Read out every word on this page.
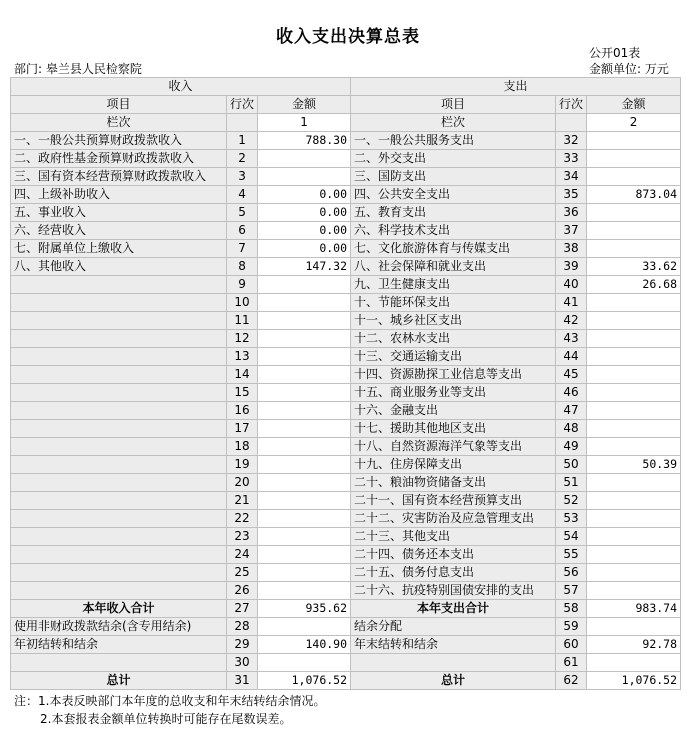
收入支出决算总表
公开01表
部门: 皋兰县人民检察院	金额单位: 万元
收入			支出		
项目	行次	金额	项目	行次	金额
栏次		1	栏次		2
一、一般公共预算财政拨款收入	1	788.30	一、一般公共服务支出	32	
二、政府性基金预算财政拨款收入	2		二、外交支出	33	
三、国有资本经营预算财政拨款收入	3		三、国防支出	34	
四、上级补助收入	4	0.00	四、公共安全支出	35	873.04
五、事业收入	5	0.00	五、教育支出	36	
六、经营收入	6	0.00	六、科学技术支出	37	
七、附属单位上缴收入	7	0.00	七、文化旅游体育与传媒支出	38	
八、其他收入	8	147.32	八、社会保障和就业支出	39	33.62
	9		九、卫生健康支出	40	26.68
	10		十、节能环保支出	41	
	11		十一、城乡社区支出	42	
	12		十二、农林水支出	43	
	13		十三、交通运输支出	44	
	14		十四、资源勘探工业信息等支出	45	
	15		十五、商业服务业等支出	46	
	16		十六、金融支出	47	
	17		十七、援助其他地区支出	48	
	18		十八、自然资源海洋气象等支出	49	
	19		十九、住房保障支出	50	50.39
	20		二十、粮油物资储备支出	51	
	21		二十一、国有资本经营预算支出	52	
	22		二十二、灾害防治及应急管理支出	53	
	23		二十三、其他支出	54	
	24		二十四、债务还本支出	55	
	25		二十五、债务付息支出	56	
	26		二十六、抗疫特别国债安排的支出	57	
本年收入合计	27	935.62	本年支出合计	58	983.74
使用非财政拨款结余(含专用结余)	28		结余分配	59	
年初结转和结余	29	140.90	年末结转和结余	60	92.78
	30			61	
总计	31	1,076.52	总计	62	1,076.52
注：1.本表反映部门本年度的总收支和年末结转结余情况。
2.本套报表金额单位转换时可能存在尾数误差。
